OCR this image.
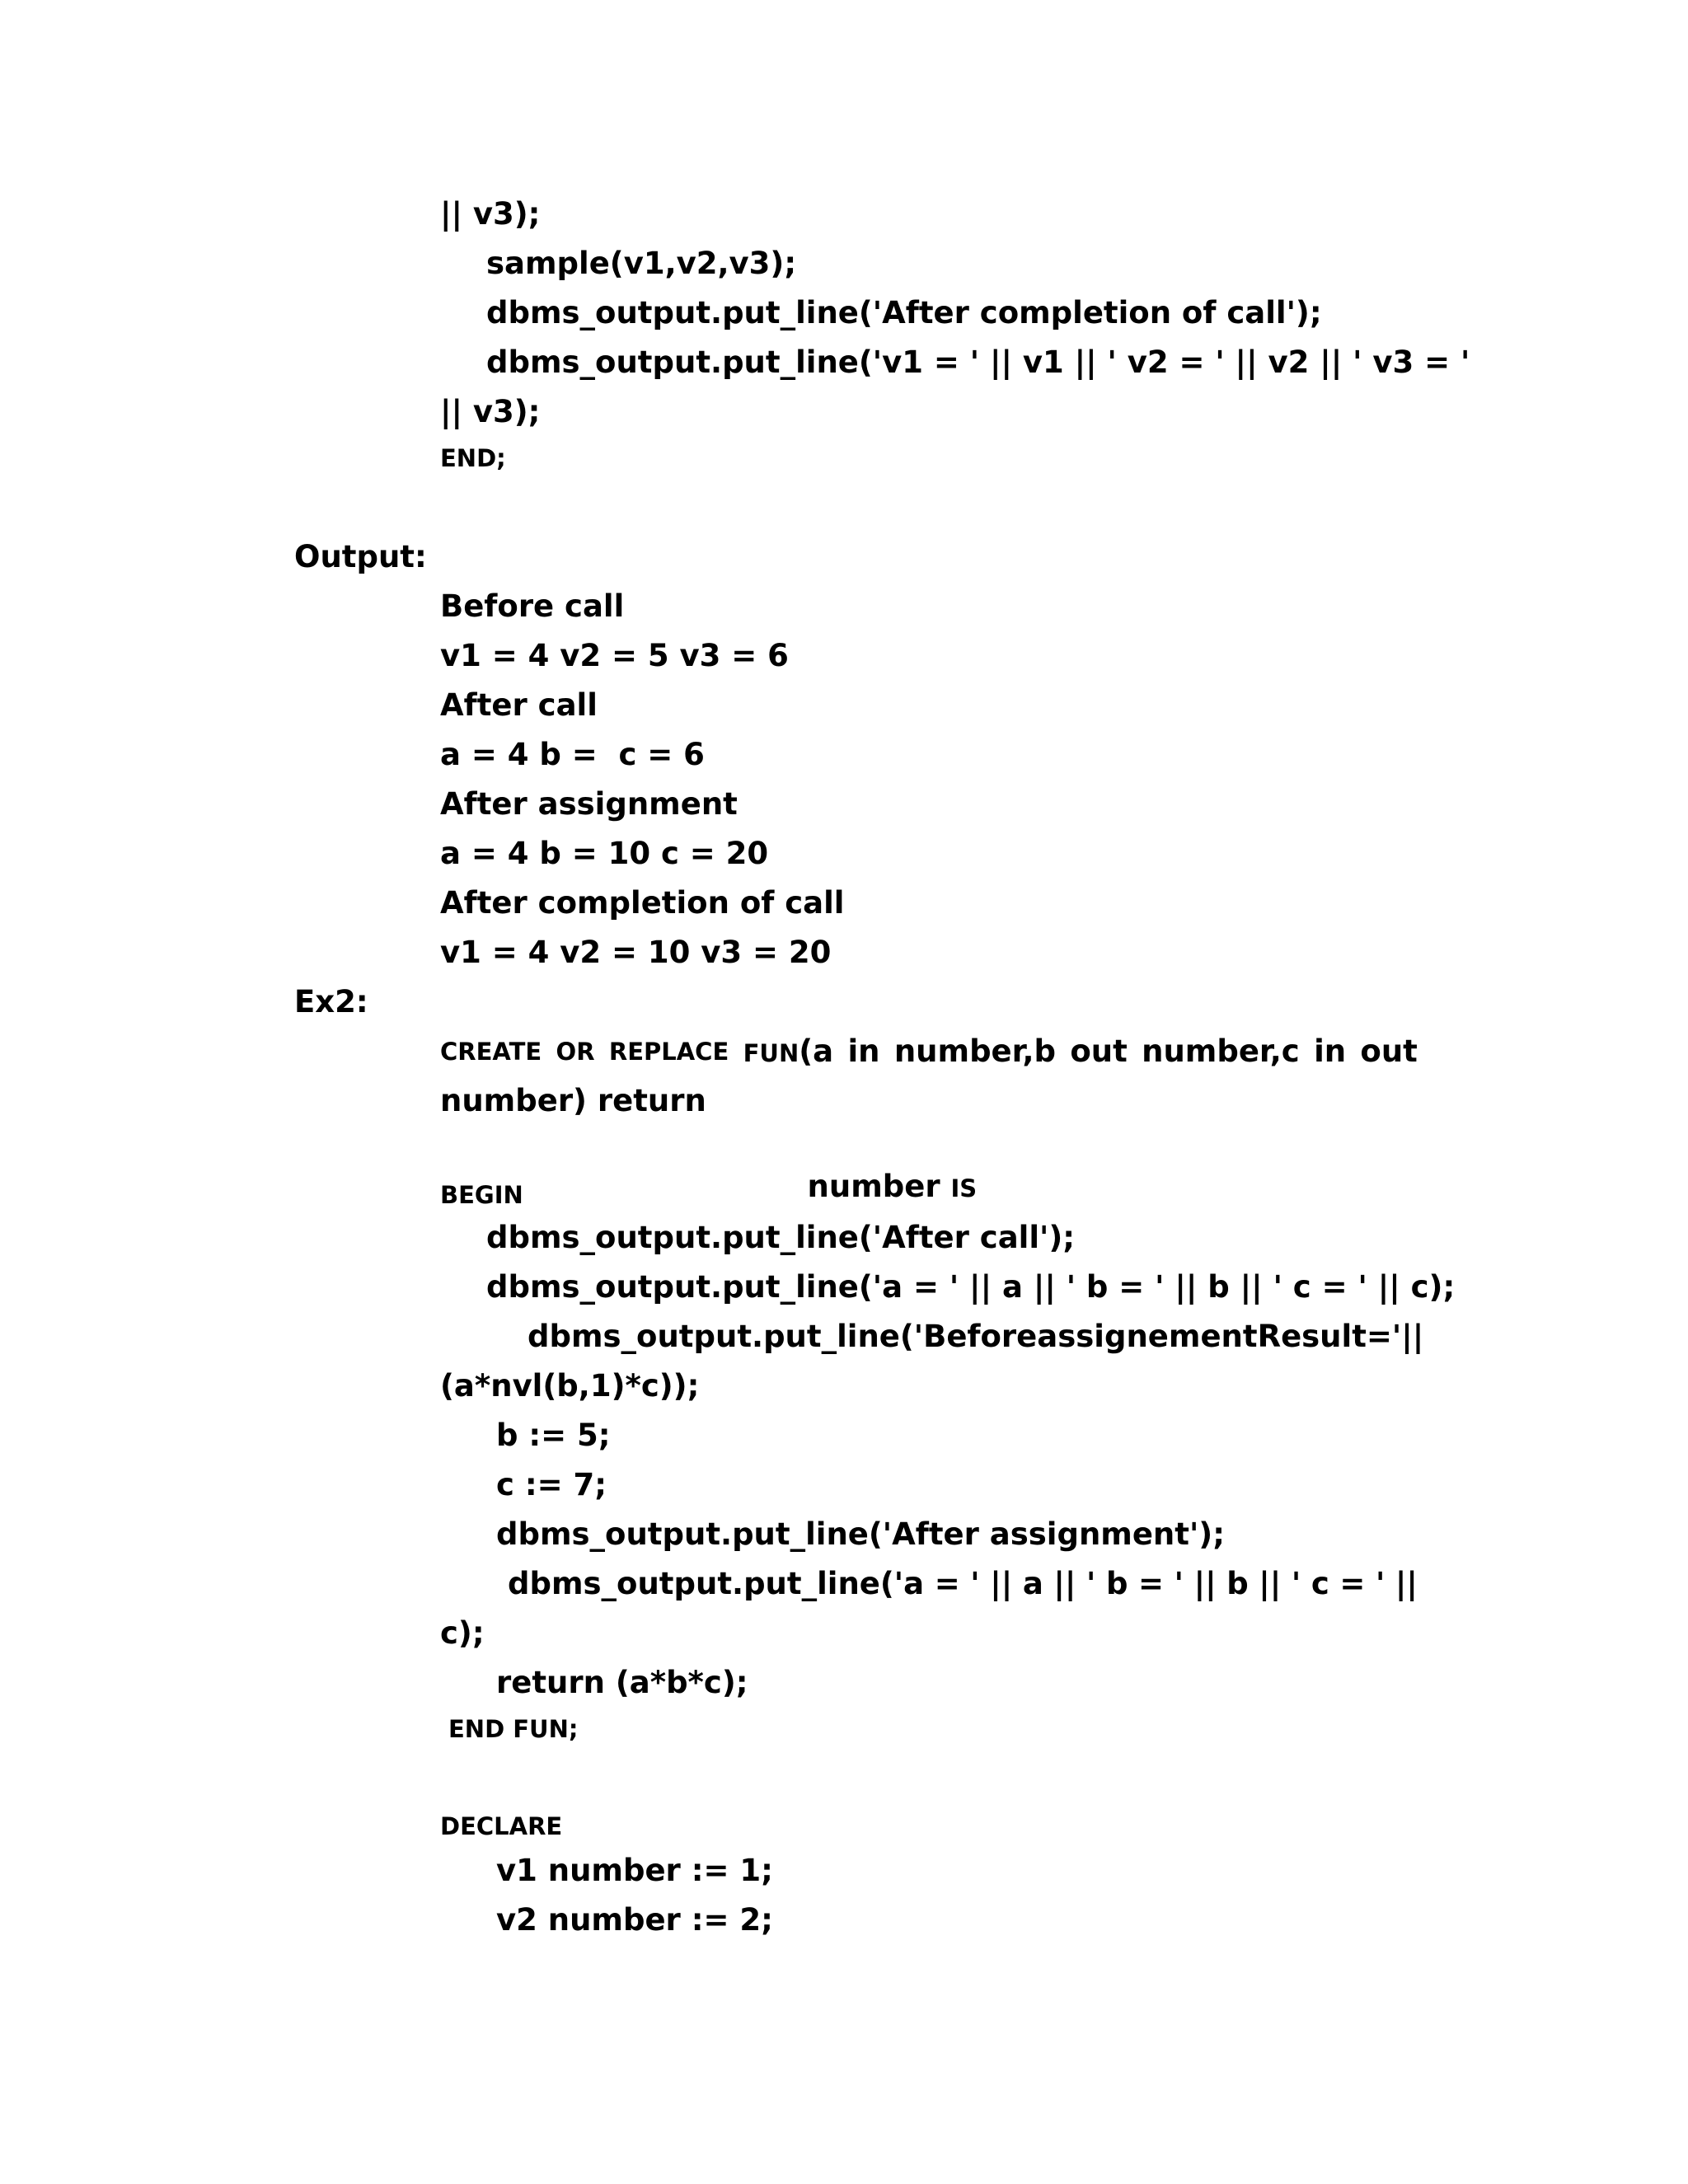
|| v3);
sample(v1,v2,v3);
dbms_output.put_line('After completion of call');
dbms_output.put_line('v1 = ' || v1 || ' v2 = ' || v2 || ' v3 = '
|| v3);
END;
Output:
Before call
v1 = 4 v2 = 5 v3 = 6
After call
a = 4 b =  c = 6
After assignment
a = 4 b = 10 c = 20
After completion of call
v1 = 4 v2 = 10 v3 = 20
Ex2:
CREATE OR REPLACE FUN(a in number,b out number,c in out
number) return

number IS

BEGIN
dbms_output.put_line('After call');
dbms_output.put_line('a = ' || a || ' b = ' || b || ' c = ' || c);
dbms_output.put_line('Before assignement Result = ' ||
(a*nvl(b,1)*c));
b := 5;
c := 7;
dbms_output.put_line('After assignment');
dbms_output.put_line('a = ' || a || ' b = ' || b || ' c = ' ||
c);
return (a*b*c);
END FUN;
DECLARE
v1 number := 1;
v2 number := 2;
